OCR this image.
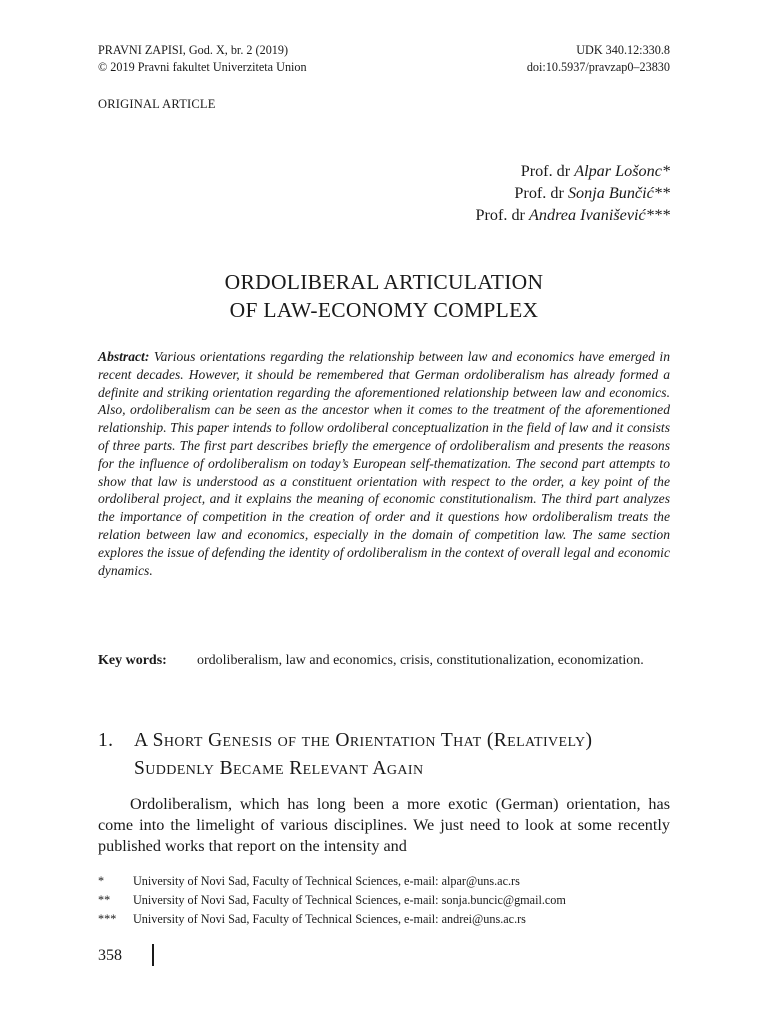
PRAVNI ZAPISI, God. X, br. 2 (2019)
© 2019 Pravni fakultet Univerziteta Union
UDK 340.12:330.8
doi:10.5937/pravzap0–23830
ORIGINAL ARTICLE
Prof. dr Alpar Lošonc*
Prof. dr Sonja Bunčić**
Prof. dr Andrea Ivanišević***
ORDOLIBERAL ARTICULATION
OF LAW-ECONOMY COMPLEX
Abstract: Various orientations regarding the relationship between law and economics have emerged in recent decades. However, it should be remembered that German ordoliberalism has already formed a definite and striking orientation regarding the aforementioned relationship between law and economics. Also, ordoliberalism can be seen as the ancestor when it comes to the treatment of the aforementioned relationship. This paper intends to follow ordoliberal conceptualization in the field of law and it consists of three parts. The first part describes briefly the emergence of ordoliberalism and presents the reasons for the influence of ordoliberalism on today’s European self-thematization. The second part attempts to show that law is understood as a constituent orientation with respect to the order, a key point of the ordoliberal project, and it explains the meaning of economic constitutionalism. The third part analyzes the importance of competition in the creation of order and it questions how ordoliberalism treats the relation between law and economics, especially in the domain of competition law. The same section explores the issue of defending the identity of ordoliberalism in the context of overall legal and economic dynamics.
Key words: ordoliberalism, law and economics, crisis, constitutionalization, economization.
1. A Short Genesis of the Orientation That (Relatively) Suddenly Became Relevant Again
Ordoliberalism, which has long been a more exotic (German) orientation, has come into the limelight of various disciplines. We just need to look at some recently published works that report on the intensity and
* University of Novi Sad, Faculty of Technical Sciences, e-mail: alpar@uns.ac.rs
** University of Novi Sad, Faculty of Technical Sciences, e-mail: sonja.buncic@gmail.com
*** University of Novi Sad, Faculty of Technical Sciences, e-mail: andrei@uns.ac.rs
358
